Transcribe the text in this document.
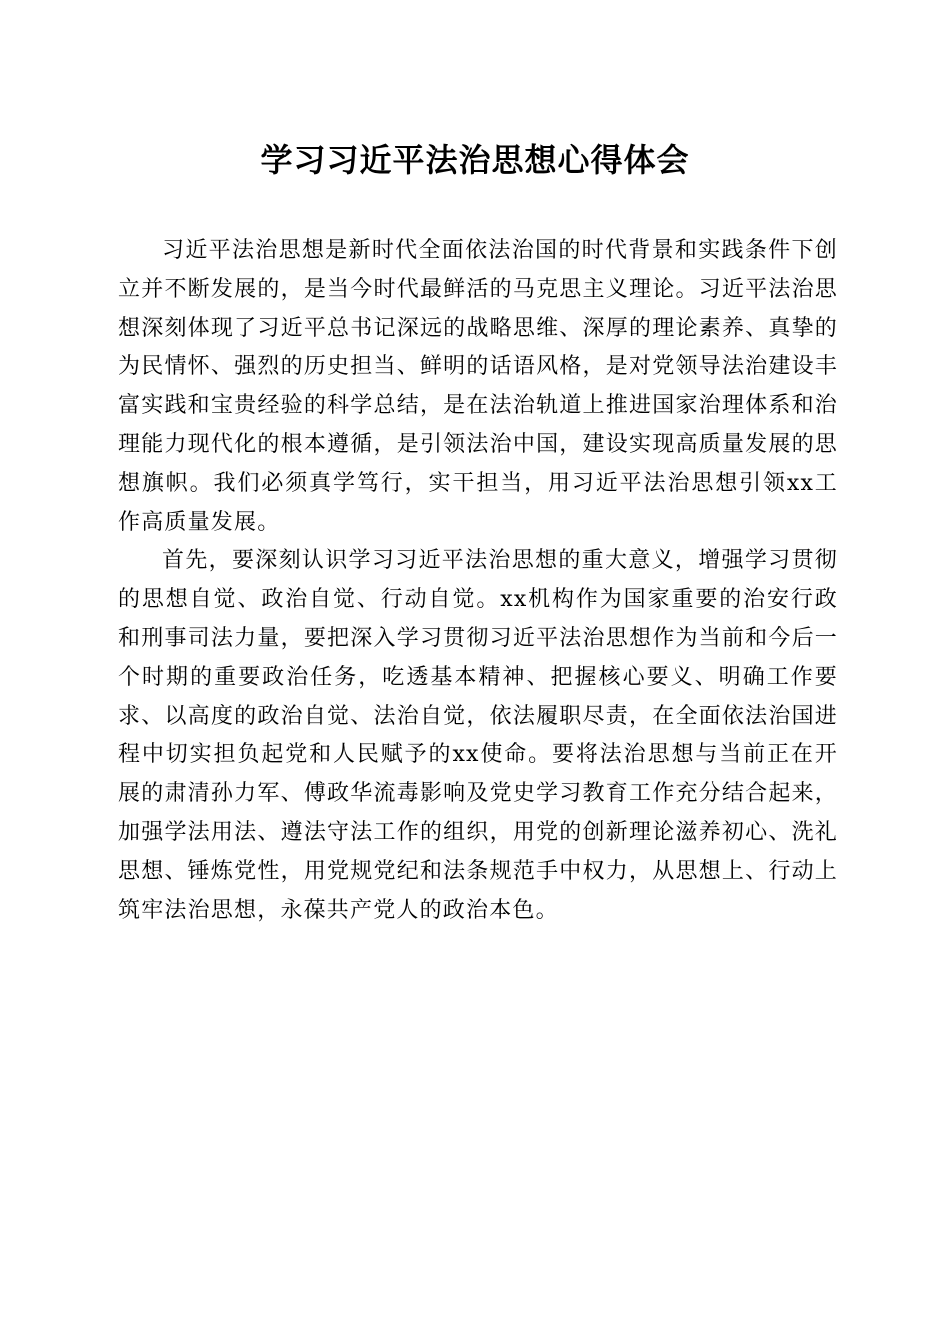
学习习近平法治思想心得体会

习近平法治思想是新时代全面依法治国的时代背景和实践条件下创立并不断发展的，是当今时代最鲜活的马克思主义理论。习近平法治思想深刻体现了习近平总书记深远的战略思维、深厚的理论素养、真挚的为民情怀、强烈的历史担当、鲜明的话语风格，是对党领导法治建设丰富实践和宝贵经验的科学总结，是在法治轨道上推进国家治理体系和治理能力现代化的根本遵循，是引领法治中国，建设实现高质量发展的思想旗帜。我们必须真学笃行，实干担当，用习近平法治思想引领xx工作高质量发展。

首先，要深刻认识学习习近平法治思想的重大意义，增强学习贯彻的思想自觉、政治自觉、行动自觉。xx机构作为国家重要的治安行政和刑事司法力量，要把深入学习贯彻习近平法治思想作为当前和今后一个时期的重要政治任务，吃透基本精神、把握核心要义、明确工作要求、以高度的政治自觉、法治自觉，依法履职尽责，在全面依法治国进程中切实担负起党和人民赋予的xx使命。要将法治思想与当前正在开展的肃清孙力军、傅政华流毒影响及党史学习教育工作充分结合起来，加强学法用法、遵法守法工作的组织，用党的创新理论滋养初心、洗礼思想、锤炼党性，用党规党纪和法条规范手中权力，从思想上、行动上筑牢法治思想，永葆共产党人的政治本色。
